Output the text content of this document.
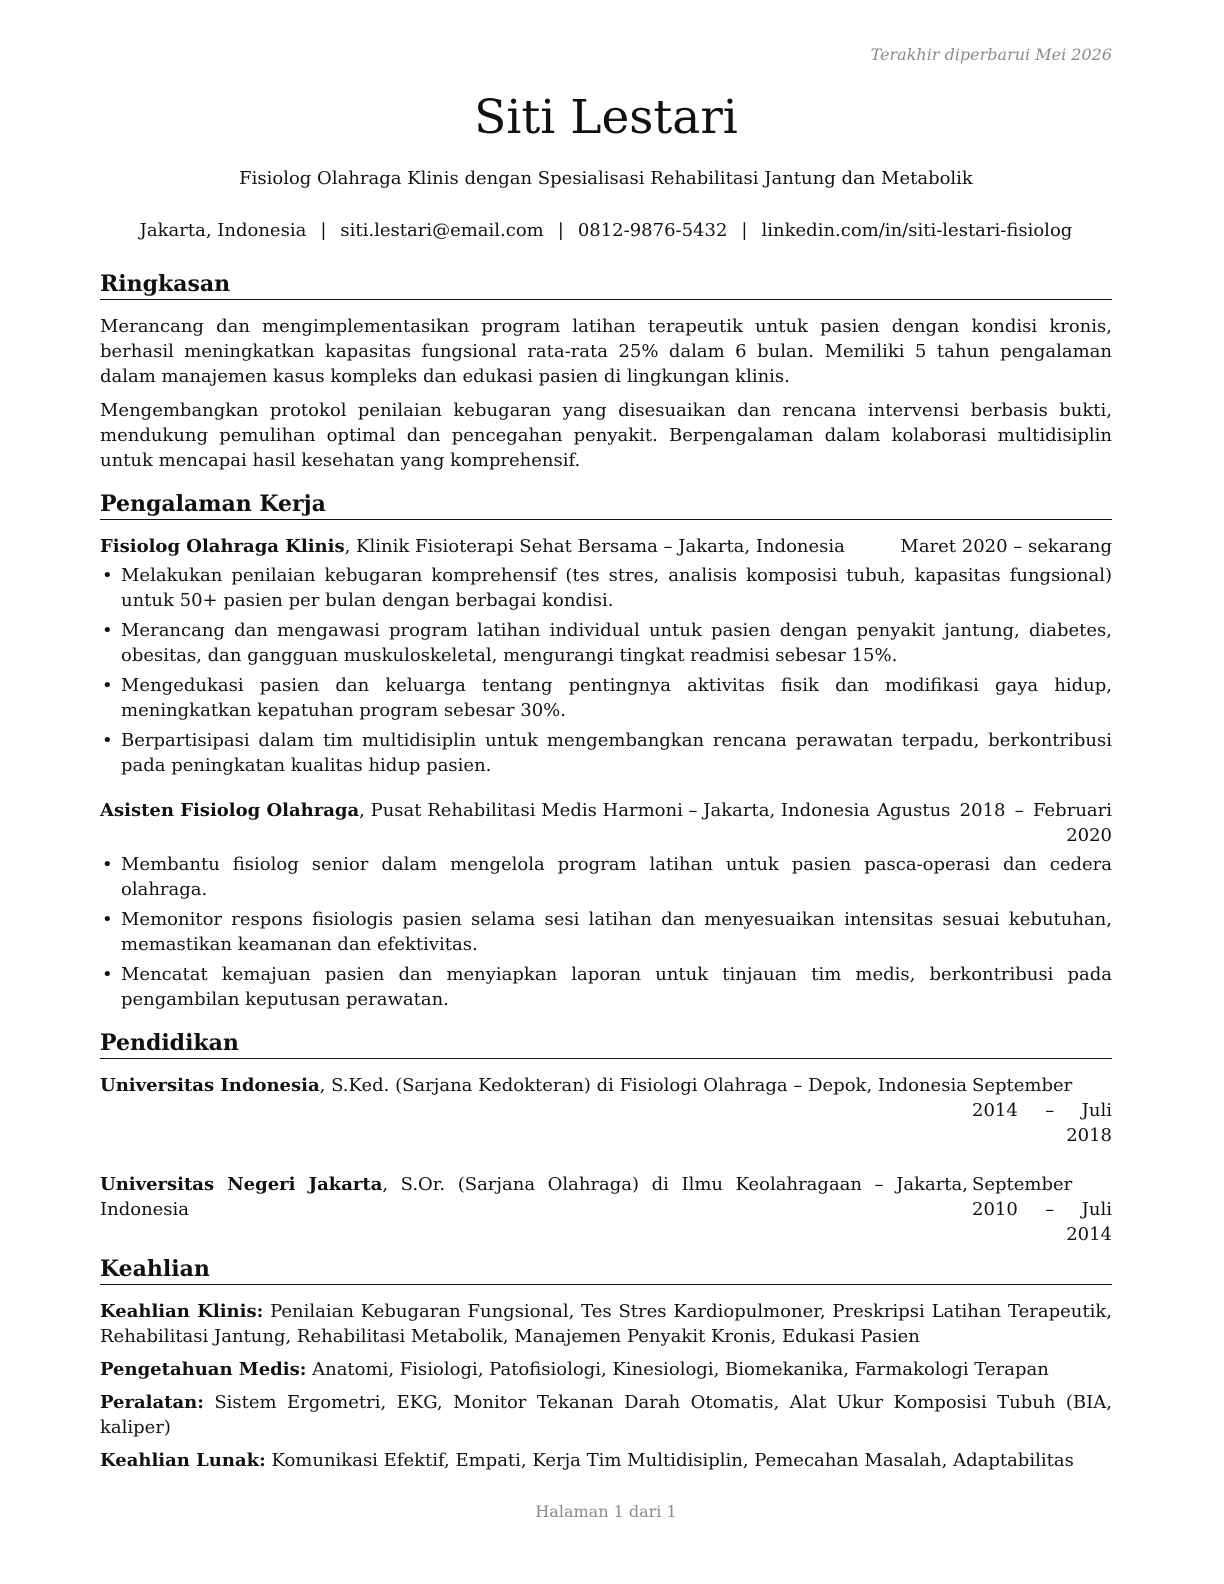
Terakhir diperbarui Mei 2026
Siti Lestari
Fisiolog Olahraga Klinis dengan Spesialisasi Rehabilitasi Jantung dan Metabolik
Jakarta, Indonesia | siti.lestari@email.com | 0812-9876-5432 | linkedin.com/in/siti-lestari-fisiolog
Ringkasan

Merancang dan mengimplementasikan program latihan terapeutik untuk pasien dengan kondisi kronis, berhasil meningkatkan kapasitas fungsional rata-rata 25% dalam 6 bulan. Memiliki 5 tahun pengalaman dalam manajemen kasus kompleks dan edukasi pasien di lingkungan klinis.

Mengembangkan protokol penilaian kebugaran yang disesuaikan dan rencana intervensi berbasis bukti, mendukung pemulihan optimal dan pencegahan penyakit. Berpengalaman dalam kolaborasi multidisiplin untuk mencapai hasil kesehatan yang komprehensif.

Pengalaman Kerja
Fisiolog Olahraga Klinis, Klinik Fisioterapi Sehat Bersama – Jakarta, Indonesia	Maret 2020 – sekarang
• Melakukan penilaian kebugaran komprehensif (tes stres, analisis komposisi tubuh, kapasitas fungsional) untuk 50+ pasien per bulan dengan berbagai kondisi.
• Merancang dan mengawasi program latihan individual untuk pasien dengan penyakit jantung, diabetes, obesitas, dan gangguan muskuloskeletal, mengurangi tingkat readmisi sebesar 15%.
• Mengedukasi pasien dan keluarga tentang pentingnya aktivitas fisik dan modifikasi gaya hidup, meningkatkan kepatuhan program sebesar 30%.
• Berpartisipasi dalam tim multidisiplin untuk mengembangkan rencana perawatan terpadu, berkontribusi pada peningkatan kualitas hidup pasien.
Asisten Fisiolog Olahraga, Pusat Rehabilitasi Medis Harmoni – Jakarta, Indonesia Agustus 2018 – Februari 2020
• Membantu fisiolog senior dalam mengelola program latihan untuk pasien pasca-operasi dan cedera olahraga.
• Memonitor respons fisiologis pasien selama sesi latihan dan menyesuaikan intensitas sesuai kebutuhan, memastikan keamanan dan efektivitas.
• Mencatat kemajuan pasien dan menyiapkan laporan untuk tinjauan tim medis, berkontribusi pada pengambilan keputusan perawatan.
Pendidikan
Universitas Indonesia, S.Ked. (Sarjana Kedokteran) di Fisiologi Olahraga – Depok, Indonesia September 2014 – Juli 2018
Universitas Negeri Jakarta, S.Or. (Sarjana Olahraga) di Ilmu Keolahragaan – Jakarta, Indonesia
September 2010 – Juli 2014
Keahlian

Keahlian Klinis: Penilaian Kebugaran Fungsional, Tes Stres Kardiopulmoner, Preskripsi Latihan Terapeutik, Rehabilitasi Jantung, Rehabilitasi Metabolik, Manajemen Penyakit Kronis, Edukasi Pasien

Pengetahuan Medis: Anatomi, Fisiologi, Patofisiologi, Kinesiologi, Biomekanika, Farmakologi Terapan

Peralatan: Sistem Ergometri, EKG, Monitor Tekanan Darah Otomatis, Alat Ukur Komposisi Tubuh (BIA, kaliper)

Keahlian Lunak: Komunikasi Efektif, Empati, Kerja Tim Multidisiplin, Pemecahan Masalah, Adaptabilitas

Halaman 1 dari 1
